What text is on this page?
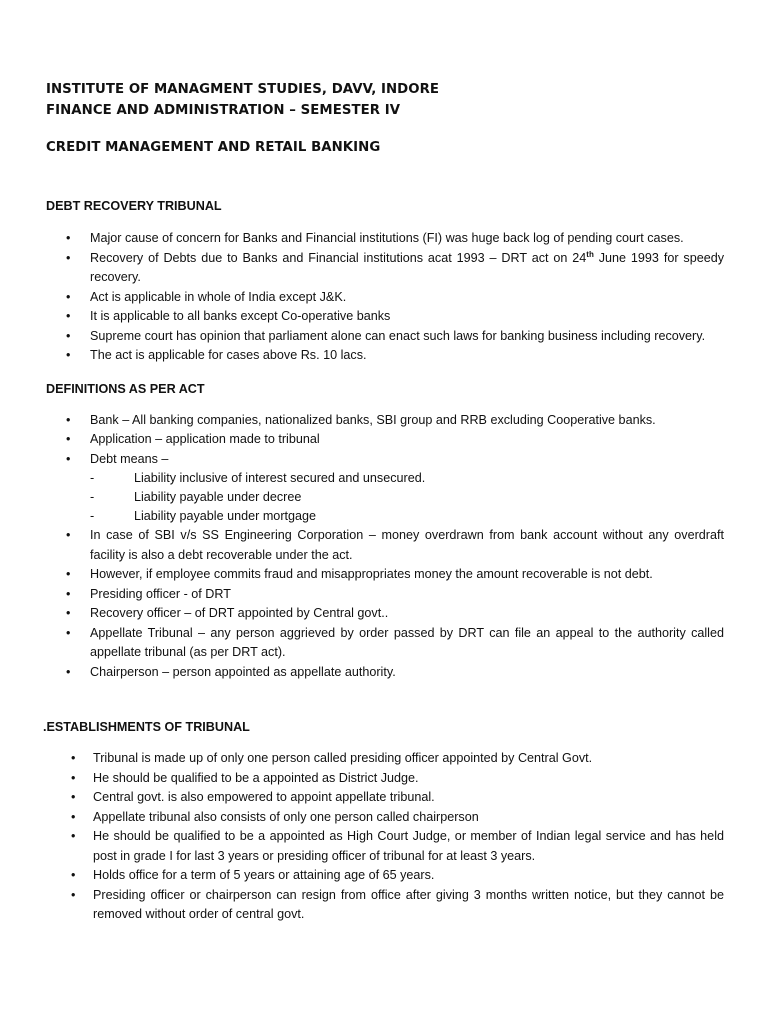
INSTITUTE OF MANAGMENT STUDIES, DAVV, INDORE

FINANCE AND ADMINISTRATION – SEMESTER IV

CREDIT MANAGEMENT AND RETAIL BANKING

DEBT RECOVERY TRIBUNAL

• Major cause of concern for Banks and Financial institutions (FI) was huge back log of pending court cases.
• Recovery of Debts due to Banks and Financial institutions acat 1993 – DRT act on 24th June 1993 for speedy recovery.
• Act is applicable in whole of India except J&K.
• It is applicable to all banks except Co-operative banks
• Supreme court has opinion that parliament alone can enact such laws for banking business including recovery.
• The act is applicable for cases above Rs. 10 lacs.

DEFINITIONS AS PER ACT

• Bank – All banking companies, nationalized banks, SBI group and RRB excluding Cooperative banks.
• Application – application made to tribunal
• Debt means –
- Liability inclusive of interest secured and unsecured.
- Liability payable under decree
- Liability payable under mortgage
• In case of SBI v/s SS Engineering Corporation – money overdrawn from bank account without any overdraft facility is also a debt recoverable under the act.
• However, if employee commits fraud and misappropriates money the amount recoverable is not debt.
• Presiding officer - of DRT
• Recovery officer – of DRT appointed by Central govt..
• Appellate Tribunal – any person aggrieved by order passed by DRT can file an appeal to the authority called appellate tribunal (as per DRT act).
• Chairperson – person appointed as appellate authority.

.ESTABLISHMENTS OF TRIBUNAL

• Tribunal is made up of only one person called presiding officer appointed by Central Govt.
• He should be qualified to be a appointed as District Judge.
• Central govt. is also empowered to appoint appellate tribunal.
• Appellate tribunal also consists of only one person called chairperson
• He should be qualified to be a appointed as High Court Judge, or member of Indian legal service and has held post in grade I for last 3 years or presiding officer of tribunal for at least 3 years.
• Holds office for a term of 5 years or attaining age of 65 years.
• Presiding officer or chairperson can resign from office after giving 3 months written notice, but they cannot be removed without order of central govt.
